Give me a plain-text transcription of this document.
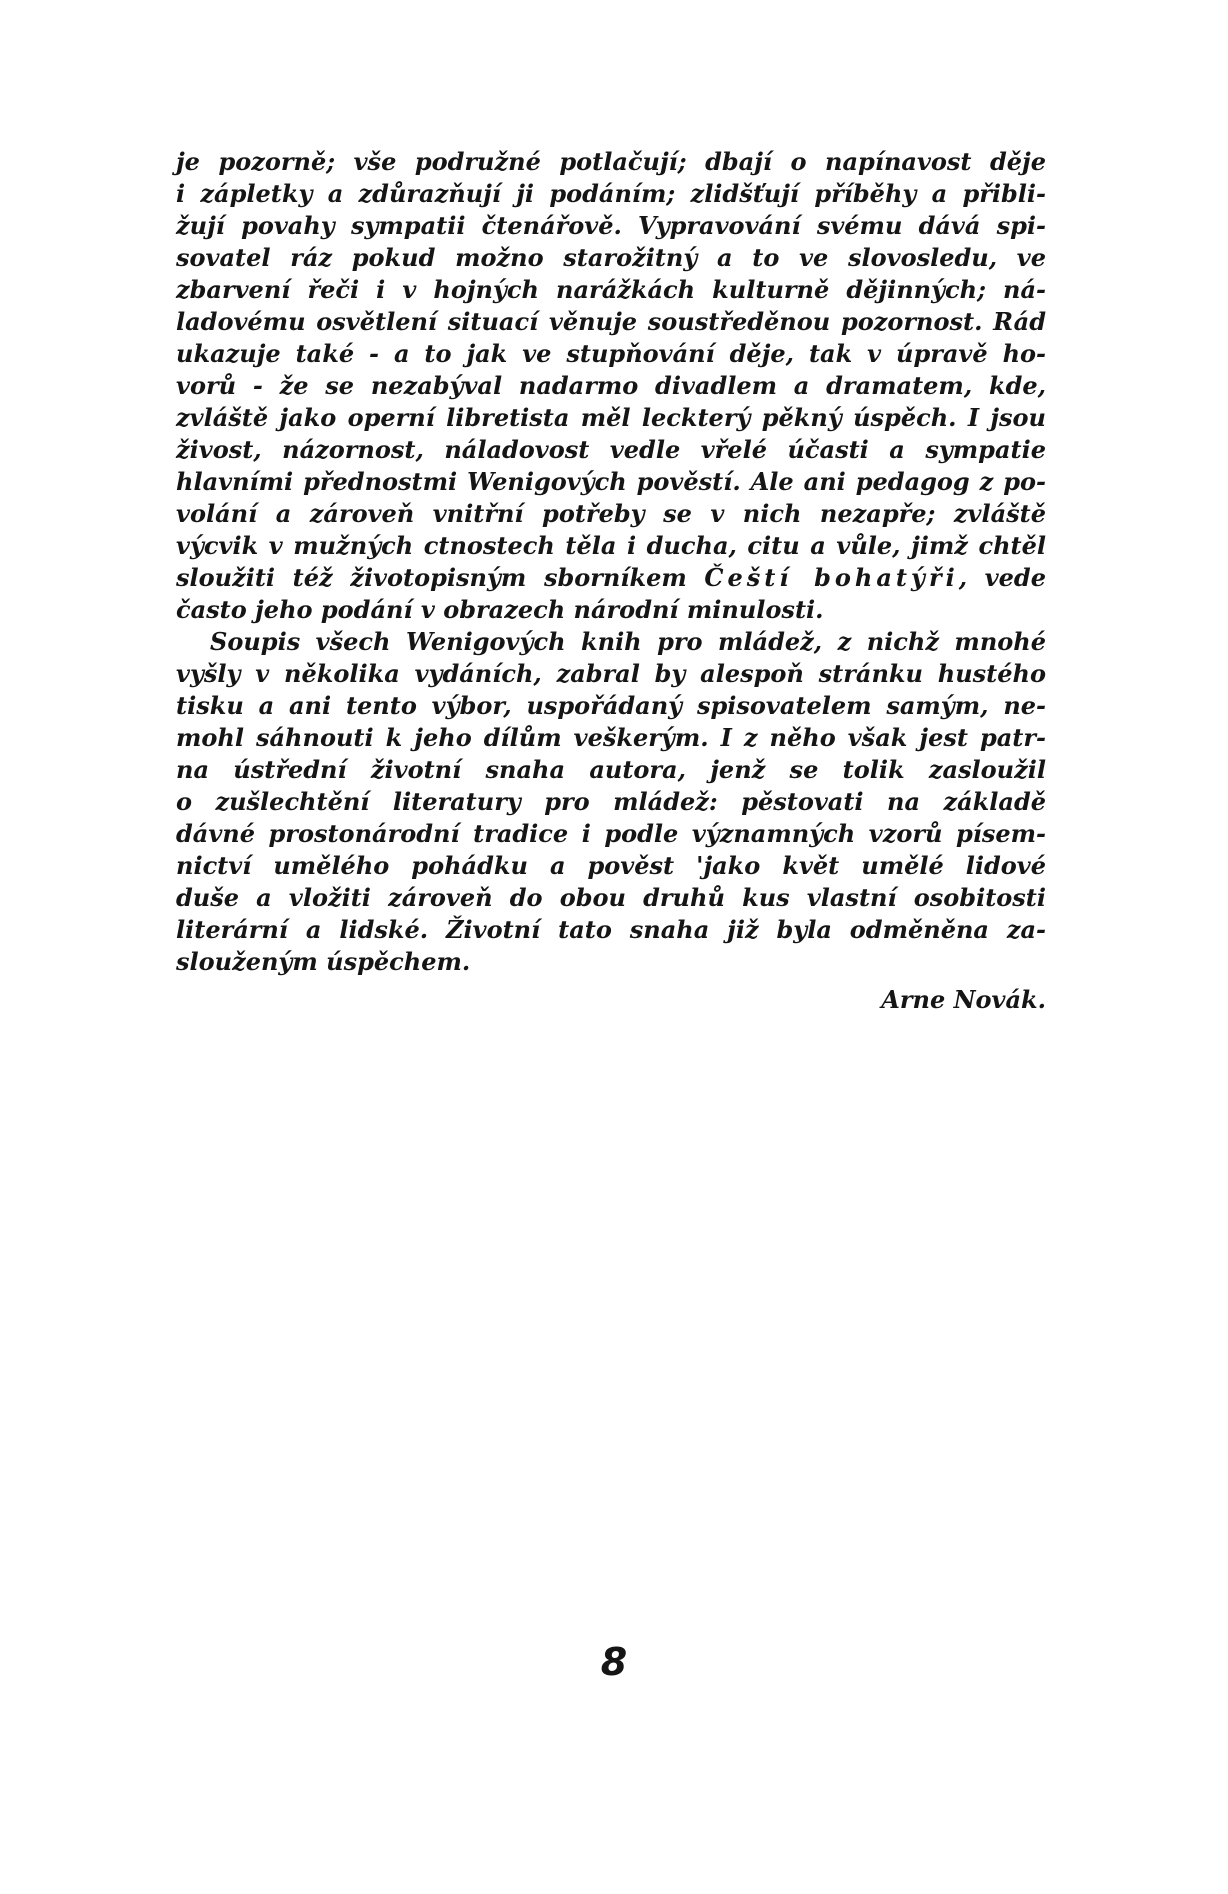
je pozorně; vše podružné potlačují; dbají o napínavost děje
i zápletky a zdůrazňují ji podáním; zlidšťují příběhy a přibli-
žují povahy sympatii čtenářově. Vypravování svému dává spi-
sovatel ráz pokud možno starožitný a to ve slovosledu, ve
zbarvení řeči i v hojných narážkách kulturně dějinných; ná-
ladovému osvětlení situací věnuje soustředěnou pozornost. Rád
ukazuje také - a to jak ve stupňování děje, tak v úpravě ho-
vorů - že se nezabýval nadarmo divadlem a dramatem, kde,
zvláště jako operní libretista měl leckterý pěkný úspěch. I jsou
živost, názornost, náladovost vedle vřelé účasti a sympatie
hlavními přednostmi Wenigových pověstí. Ale ani pedagog z po-
volání a zároveň vnitřní potřeby se v nich nezapře; zvláště
výcvik v mužných ctnostech těla i ducha, citu a vůle, jimž chtěl
sloužiti též životopisným sborníkem Čeští bohatýři, vede
často jeho podání v obrazech národní minulosti.
Soupis všech Wenigových knih pro mládež, z nichž mnohé
vyšly v několika vydáních, zabral by alespoň stránku hustého
tisku a ani tento výbor, uspořádaný spisovatelem samým, ne-
mohl sáhnouti k jeho dílům veškerým. I z něho však jest patr-
na ústřední životní snaha autora, jenž se tolik zasloužil
o zušlechtění literatury pro mládež: pěstovati na základě
dávné prostonárodní tradice i podle významných vzorů písem-
nictví umělého pohádku a pověst 'jako květ umělé lidové
duše a vložiti zároveň do obou druhů kus vlastní osobitosti
literární a lidské. Životní tato snaha již byla odměněna za-
slouženým úspěchem.
Arne Novák.
8
